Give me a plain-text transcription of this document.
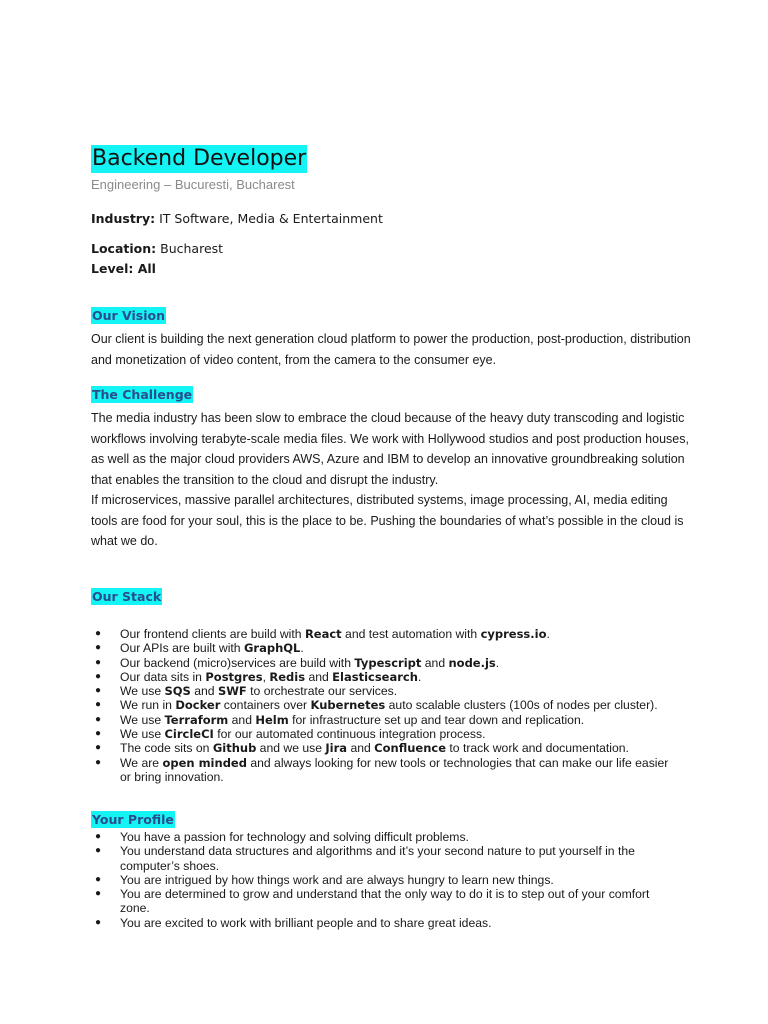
Backend Developer
Engineering – Bucuresti, Bucharest
Industry: IT Software, Media & Entertainment
Location: Bucharest
Level: All
Our Vision

Our client is building the next generation cloud platform to power the production, post-production, distribution and monetization of video content, from the camera to the consumer eye.

The Challenge

The media industry has been slow to embrace the cloud because of the heavy duty transcoding and logistic workflows involving terabyte-scale media files. We work with Hollywood studios and post production houses, as well as the major cloud providers AWS, Azure and IBM to develop an innovative groundbreaking solution that enables the transition to the cloud and disrupt the industry.

If microservices, massive parallel architectures, distributed systems, image processing, AI, media editing tools are food for your soul, this is the place to be. Pushing the boundaries of what’s possible in the cloud is what we do.

Our Stack
● Our frontend clients are build with React and test automation with cypress.io.
● Our APIs are built with GraphQL.
● Our backend (micro)services are build with Typescript and node.js.
● Our data sits in Postgres, Redis and Elasticsearch.
● We use SQS and SWF to orchestrate our services.
● We run in Docker containers over Kubernetes auto scalable clusters (100s of nodes per cluster).
● We use Terraform and Helm for infrastructure set up and tear down and replication.
● We use CircleCI for our automated continuous integration process.
● The code sits on Github and we use Jira and Confluence to track work and documentation.
● We are open minded and always looking for new tools or technologies that can make our life easier or bring innovation.
Your Profile
● You have a passion for technology and solving difficult problems.
● You understand data structures and algorithms and it’s your second nature to put yourself in the computer’s shoes.
● You are intrigued by how things work and are always hungry to learn new things.
● You are determined to grow and understand that the only way to do it is to step out of your comfort zone.
● You are excited to work with brilliant people and to share great ideas.
